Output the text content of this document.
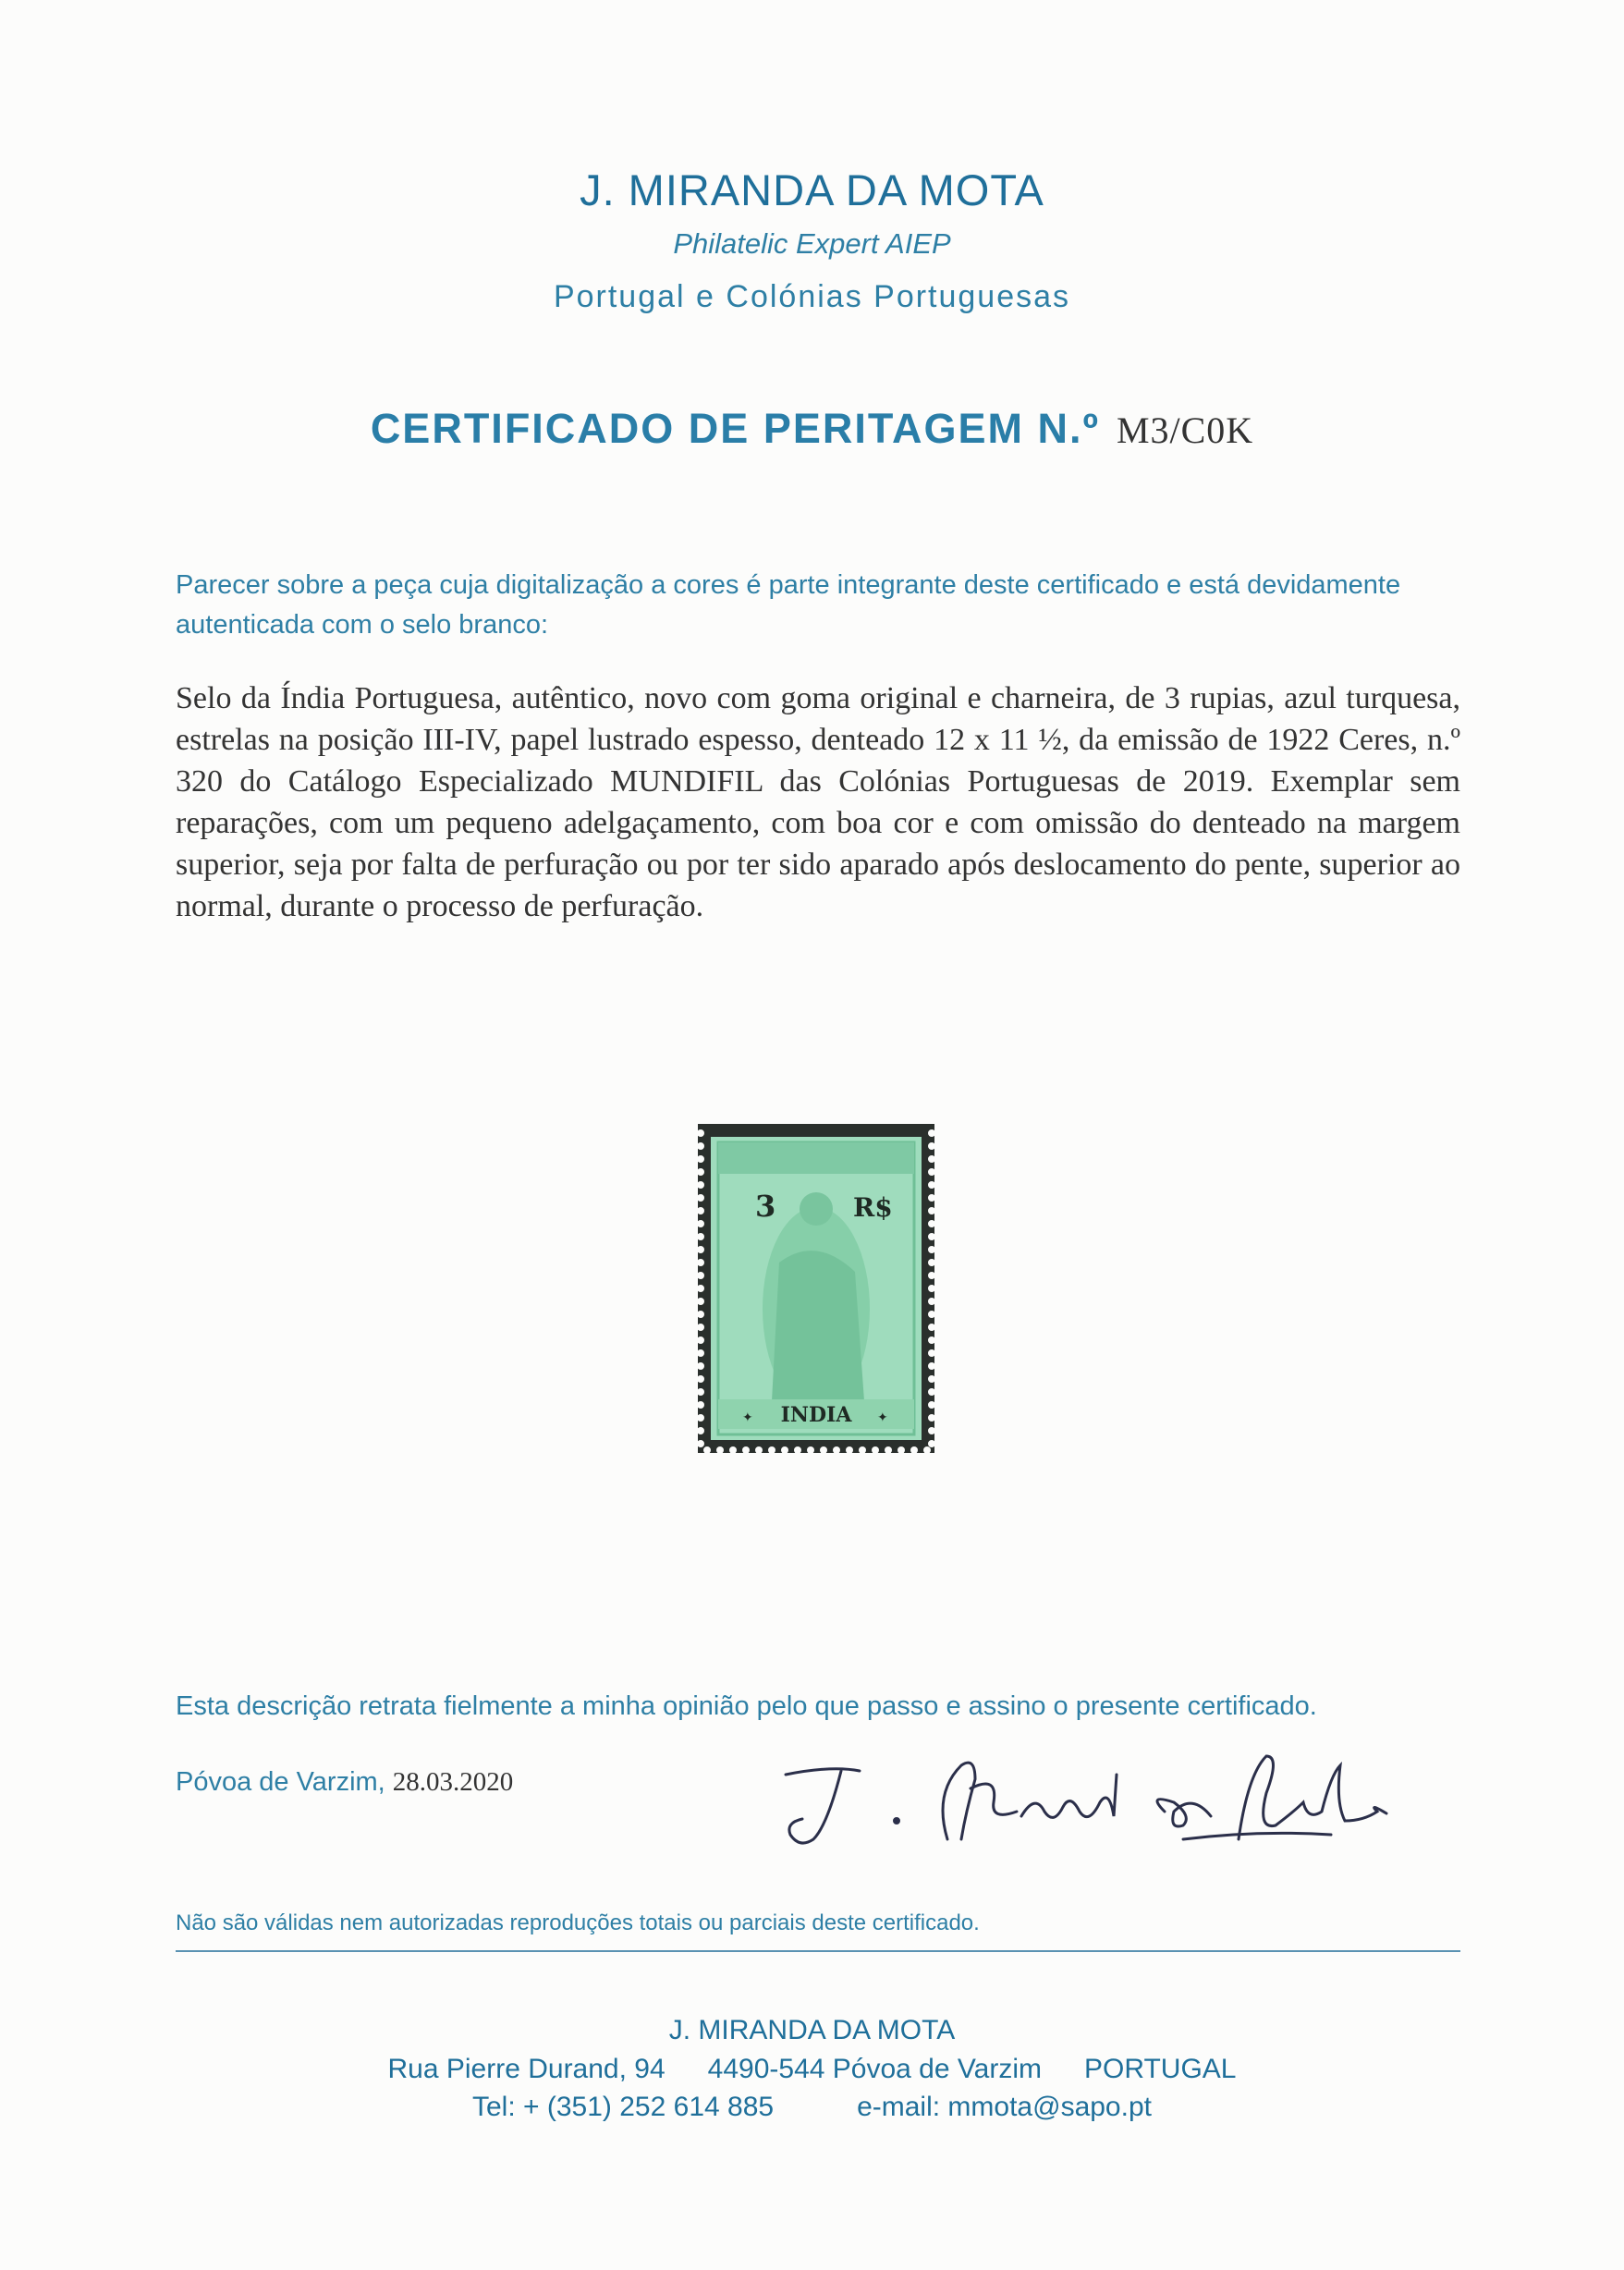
J. MIRANDA DA MOTA
Philatelic Expert AIEP
Portugal e Colónias Portuguesas
CERTIFICADO DE PERITAGEM N.º M3/C0K
Parecer sobre a peça cuja digitalização a cores é parte integrante deste certificado e está devidamente autenticada com o selo branco:
Selo da Índia Portuguesa, autêntico, novo com goma original e charneira, de 3 rupias, azul turquesa, estrelas na posição III-IV, papel lustrado espesso, denteado 12 x 11 ½, da emissão de 1922 Ceres, n.º 320 do Catálogo Especializado MUNDIFIL das Colónias Portuguesas de 2019. Exemplar sem reparações, com um pequeno adelgaçamento, com boa cor e com omissão do denteado na margem superior, seja por falta de perfuração ou por ter sido aparado após deslocamento do pente, superior ao normal, durante o processo de perfuração.
3	R$
INDIA
✦	✦
Esta descrição retrata fielmente a minha opinião pelo que passo e assino o presente certificado.
Póvoa de Varzim, 28.03.2020
Não são válidas nem autorizadas reproduções totais ou parciais deste certificado.
J. MIRANDA DA MOTA
Rua Pierre Durand, 94 4490-544 Póvoa de Varzim PORTUGAL
Tel: + (351) 252 614 885	e-mail: mmota@sapo.pt
